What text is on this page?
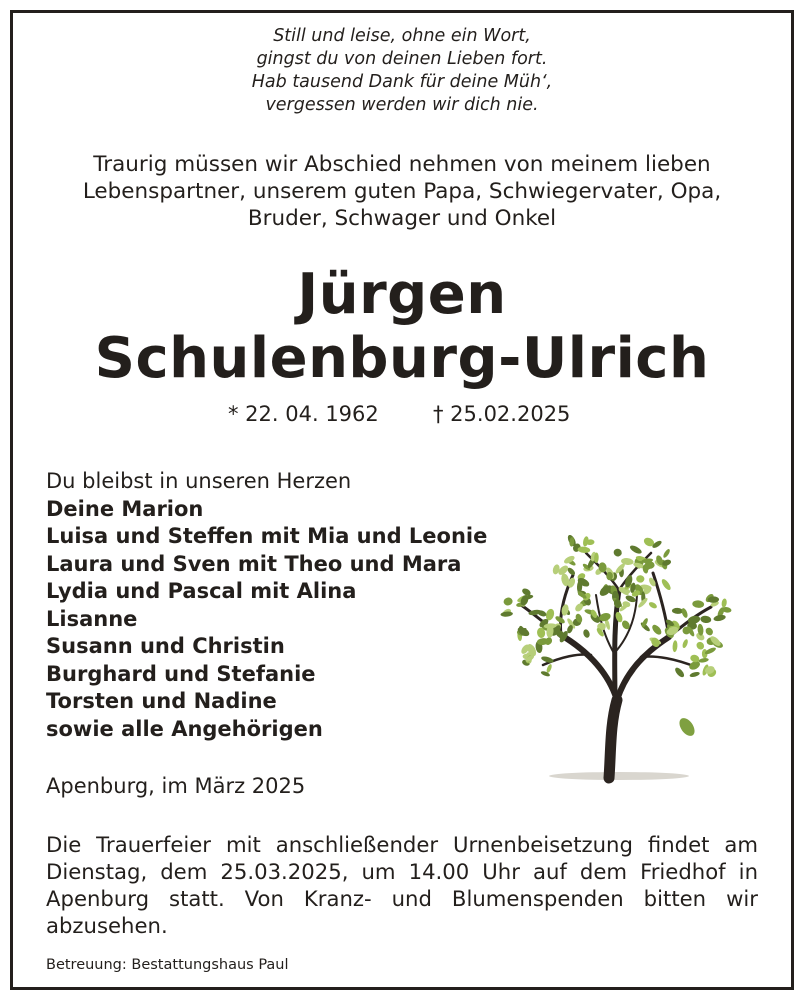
Still und leise, ohne ein Wort,
gingst du von deinen Lieben fort.
Hab tausend Dank für deine Müh‘,
vergessen werden wir dich nie.
Traurig müssen wir Abschied nehmen von meinem lieben
Lebenspartner, unserem guten Papa, Schwiegervater, Opa,
Bruder, Schwager und Onkel
Jürgen
Schulenburg-Ulrich
* 22. 04. 1962	† 25.02.2025
Du bleibst in unseren Herzen
Deine Marion
Luisa und Steffen mit Mia und Leonie
Laura und Sven mit Theo und Mara
Lydia und Pascal mit Alina
Lisanne
Susann und Christin
Burghard und Stefanie
Torsten und Nadine
sowie alle Angehörigen
Apenburg, im März 2025

Die Trauerfeier mit anschließender Urnenbeisetzung findet am Dienstag, dem 25.03.2025, um 14.00 Uhr auf dem Friedhof in Apenburg statt. Von Kranz- und Blumenspenden bitten wir abzusehen.

Betreuung: Bestattungshaus Paul
